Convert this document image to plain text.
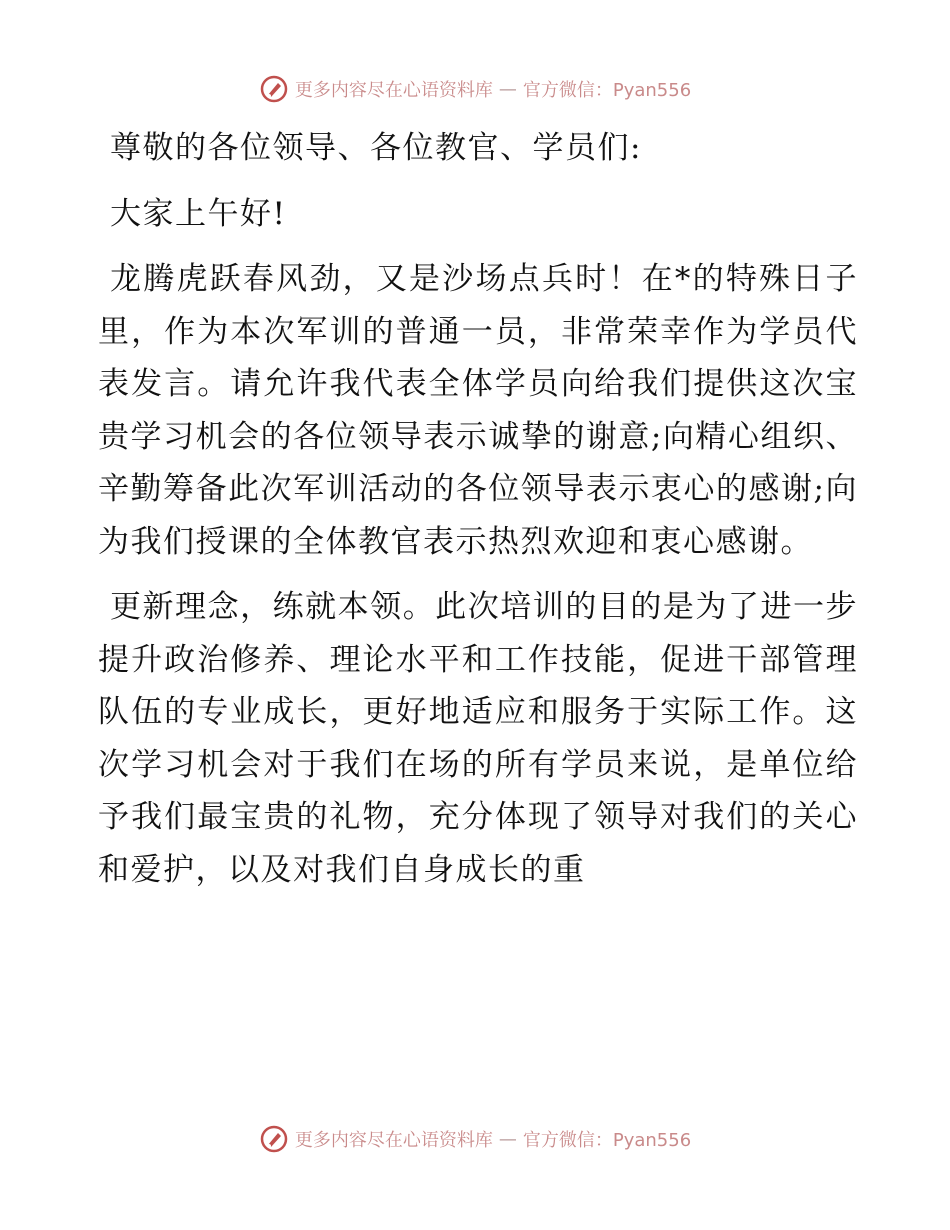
更多内容尽在心语资料库 — 官方微信：Pyan556

尊敬的各位领导、各位教官、学员们:

大家上午好!

龙腾虎跃春风劲，又是沙场点兵时！在*的特殊日子里，作为本次军训的普通一员，非常荣幸作为学员代表发言。请允许我代表全体学员向给我们提供这次宝贵学习机会的各位领导表示诚挚的谢意;向精心组织、辛勤筹备此次军训活动的各位领导表示衷心的感谢;向为我们授课的全体教官表示热烈欢迎和衷心感谢。

更新理念，练就本领。此次培训的目的是为了进一步提升政治修养、理论水平和工作技能，促进干部管理队伍的专业成长，更好地适应和服务于实际工作。这次学习机会对于我们在场的所有学员来说，是单位给予我们最宝贵的礼物，充分体现了领导对我们的关心和爱护，以及对我们自身成长的重

更多内容尽在心语资料库 — 官方微信：Pyan556
